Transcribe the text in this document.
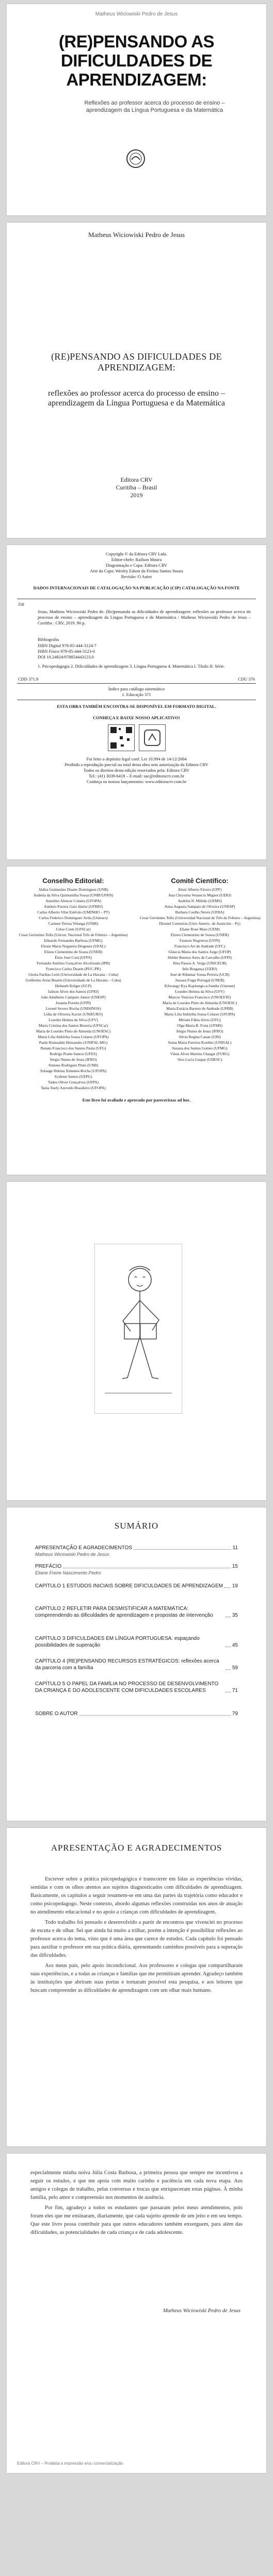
Matheus Wiciowiski Pedro de Jesus
(RE)PENSANDO AS DIFICULDADES DE APRENDIZAGEM:
Reflexões ao professor acerca do processo de ensino – aprendizagem da Língua Portuguesa e da Matemática
Matheus Wiciowiski Pedro de Jesus
(RE)PENSANDO AS DIFICULDADES DE APRENDIZAGEM:
reflexões ao professor acerca do processo de ensino – aprendizagem da Língua Portuguesa e da Matemática
Editora CRV
Curitiba – Brasil
2019
Copyright © da Editora CRV Ltda.
Editor-chefe: Railson Moura
Diagramação e Capa: Editora CRV
Arte da Capa: Wesley Edson da Freitas Santos Souza
Revisão: O Autor
DADOS INTERNACIONAIS DE CATALOGAÇÃO NA PUBLICAÇÃO (CIP) CATALOGAÇÃO NA FONTE
J58
Jesus, Matheus Wiciowiski Pedro de. (Re)pensando as dificuldades de aprendizagem: reflexões ao professor acerca do processo de ensino – aprendizagem da Língua Portuguesa e da Matemática / Matheus Wiciowiski Pedro de Jesus – Curitiba : CRV, 2019. 90 p.
Bibliografia
ISBN Digital 978-85-444-3124-7
ISBN Físico 978-85-444-3123-0
DOI 10.24824/978854443123.0
1. Psicopedagogia 2. Dificuldades de aprendizagem 3. Língua Portuguesa 4. Matemática I. Título II. Série.
CDD 371.9	CDU 376
Índice para catálogo sistemático
1. Educação 371
ESTA OBRA TAMBÉM ENCONTRA-SE DISPONÍVEL EM FORMATO DIGITAL.
CONHEÇA E BAIXE NOSSO APLICATIVO!
Foi feito o depósito legal conf. Lei 10.994 de 14/12/2004
Proibida a reprodução parcial ou total desta obra sem autorização da Editora CRV
Todos os direitos desta edição reservados pela: Editora CRV
Tel.: (41) 3039-6418 – E-mail: sac@editoracrv.com.br
Conheça os nossos lançamentos: www.editoracrv.com.br
Conselho Editorial:
Aldira Guimarães Duarte Domínguez (UNB)
Andréia da Silva Quintanilha Sousa (UNIR/UFRN)
Anselmo Alencar Colares (UFOPA)
Antônio Pereira Gaio Júnior (UFRRJ)
Carlos Alberto Vilar Estêvão (UMINHO – PT)
Carlos Federico Domínguez Avila (Unieuro)
Carmen Tereza Velanga (UNIR)
Celso Conti (UFSCar)
Cesar Gerónimo Tello (Univer. Nacional Três de Febrero – Argentina)
Eduardo Fernandes Barbosa (UFMG)
Elione Maria Nogueira Diogenes (UFAL)
Elizeu Clementino de Souza (UNEB)
Élsio José Corá (UFFS)
Fernando Antônio Gonçalves Alcoforado (IPB)
Francisco Carlos Duarte (PUC-PR)
Gloria Fariñas León (Universidade de La Havana – Cuba)
Guillermo Arias Beatón (Universidade de La Havana – Cuba)
Helmuth Krüger (UCP)
Jailson Alves dos Santos (UFRJ)
João Adalberto Campato Junior (UNESP)
Josania Portela (UFPI)
Leonel Severo Rocha (UNISINOS)
Lídia de Oliveira Xavier (UNIEURO)
Lourdes Helena da Silva (UFV)
Maria Cristina dos Santos Bezerra (UFSCar)
Maria de Lourdes Pinto de Almeida (UNOESC)
Maria Lília Imbiriba Sousa Colares (UFOPA)
Paulo Romualdo Hernandes (UNIFAL-MG)
Renato Francisco dos Santos Paula (UFG)
Rodrigo Pratte-Santos (UFES)
Sérgio Nunes de Jesus (IFRO)
Simone Rodrigues Pinto (UNB)
Solange Helena Ximenes-Rocha (UFOPA)
Sydione Santos (UEPG)
Tadeu Oliver Gonçalves (UFPA)
Tania Suely Azevedo Brasileiro (UFOPA)
Comitê Científico:
Altair Alberto Fávero (UPF)
Ana Chrystina Venancio Mignot (UERJ)
Andréia N. Militão (UEMS)
Anna Augusta Sampaio de Oliveira (UNESP)
Barbara Coelho Neves (UFBA)
Cesar Gerónimo Tello (Universidad Nacional de Três de Febrero – Argentina)
Diosnel Centurion (Univ Americ. de Asunción – Py)
Eliane Rose Maio (UEM)
Elizeu Clementino de Souza (UNEB)
Fauston Negreiros (UFPI)
Francisco Ari de Andrade (UFC)
Gláucia Maria dos Santos Jorge (UFOP)
Helder Buenos Aires de Carvalho (UFPI)
Ilma Passos A. Veiga (UNICEUB)
Inês Bragança (UERJ)
José de Ribamar Sousa Pereira (UCB)
Jussara Fraga Portugal (UNEB)
Kilwangy Kya Kapitango-a-Samba (Unemat)
Lourdes Helena da Silva (UFV)
Marcos Vinicius Francisco (UNOESTE)
Maria de Lourdes Pinto de Almeida (UNOESC)
Maria Eurácia Barreto de Andrade (UFRB)
Maria Lília Imbiriba Sousa Colares (UFOPA)
Míriam Fábia Alves (UFG)
Olga Maria B. Frota (UFMS)
Sérgio Nunes de Jesus (IFRO)
Silvia Regina Canan (URI)
Sonia Maria Ferreira Koehler (UNISAL)
Suzana dos Santos Gomes (UFMG)
Vânia Alves Martins Chaigar (FURG)
Vera Lucia Gaspar (UDESC)
Este livro foi avaliado e aprovado por pareceristas ad hoc.
SUMÁRIO
APRESENTAÇÃO E AGRADECIMENTOS	11
Matheus Wiciowiski Pedro de Jesus
PREFÁCIO	15
Eliane Freire Nascimento Pedro
CAPÍTULO 1 ESTUDOS INICIAIS SOBRE DIFICULDADES DE APRENDIZAGEM 19
CAPÍTULO 2 REFLETIR PARA DESMISTIFICAR A MATEMÁTICA: compreendendo as dificuldades de aprendizagem e propostas de intervenção	35
CAPÍTULO 3 DIFICULDADES EM LÍNGUA PORTUGUESA: espaçando possibilidades de superação	45
CAPÍTULO 4 (RE)PENSANDO RECURSOS ESTRATÉGICOS: reflexões acerca da parceria com a família	59
CAPÍTULO 5 O PAPEL DA FAMÍLIA NO PROCESSO DE DESENVOLVIMENTO DA CRIANÇA E DO ADOLESCENTE COM DIFICULDADES ESCOLARES	71
SOBRE O AUTOR	79
APRESENTAÇÃO E AGRADECIMENTOS

Escrever sobre a prática psicopedagógica é transcorrer em falas as experiências vividas, sentidas e com os olhos atentos aos sujeitos diagnosticados com dificuldades de aprendizagem. Basicamente, os capítulos a seguir resumem-se em uma das partes da trajetória como educador e como psicopedagogo. Neste contexto, abordo algumas reflexões construídas nos anos de atuação no atendimento educacional e no apoio a crianças com dificuldades de aprendizagem.

Todo trabalho foi pensado e desenvolvido a partir de encontros que vivenciei no processo de escuta e de olhar. Sei que ainda há muito a trilhar, porém a intenção é possibilitar reflexões ao professor acerca do tema, visto que é uma área que carece de estudos. Cada capítulo foi pensado para auxiliar o professor em sua prática diária, apresentando caminhos possíveis para a superação das dificuldades.

Aos meus pais, pelo apoio incondicional. Aos professores e colegas que compartilharam suas experiências, e a todas as crianças e famílias que me permitiram aprender. Agradeço também às instituições que abriram suas portas e tornaram possível esta pesquisa, e aos leitores que buscam compreender as dificuldades de aprendizagem com um olhar mais humano.

especialmente minha noiva Júlia Costa Barbosa, a primeira pessoa que sempre me incentivou a seguir os estudos, e que me apoia com muito carinho e paciência em cada nova etapa. Aos amigos e colegas de trabalho, pelas conversas e trocas que enriqueceram estas páginas. À minha família, pelo amor e compreensão nos momentos de ausência.

Por fim, agradeço a todos os estudantes que passaram pelos meus atendimentos, pois foram eles que me ensinaram, diariamente, que cada sujeito aprende de um jeito e em seu tempo. Que este livro possa contribuir para que outros educadores também enxerguem, para além das dificuldades, as potencialidades de cada criança e de cada adolescente.

Matheus Wiciowiski Pedro de Jesus
Editora CRV – Proibida a impressão e/ou comercialização
